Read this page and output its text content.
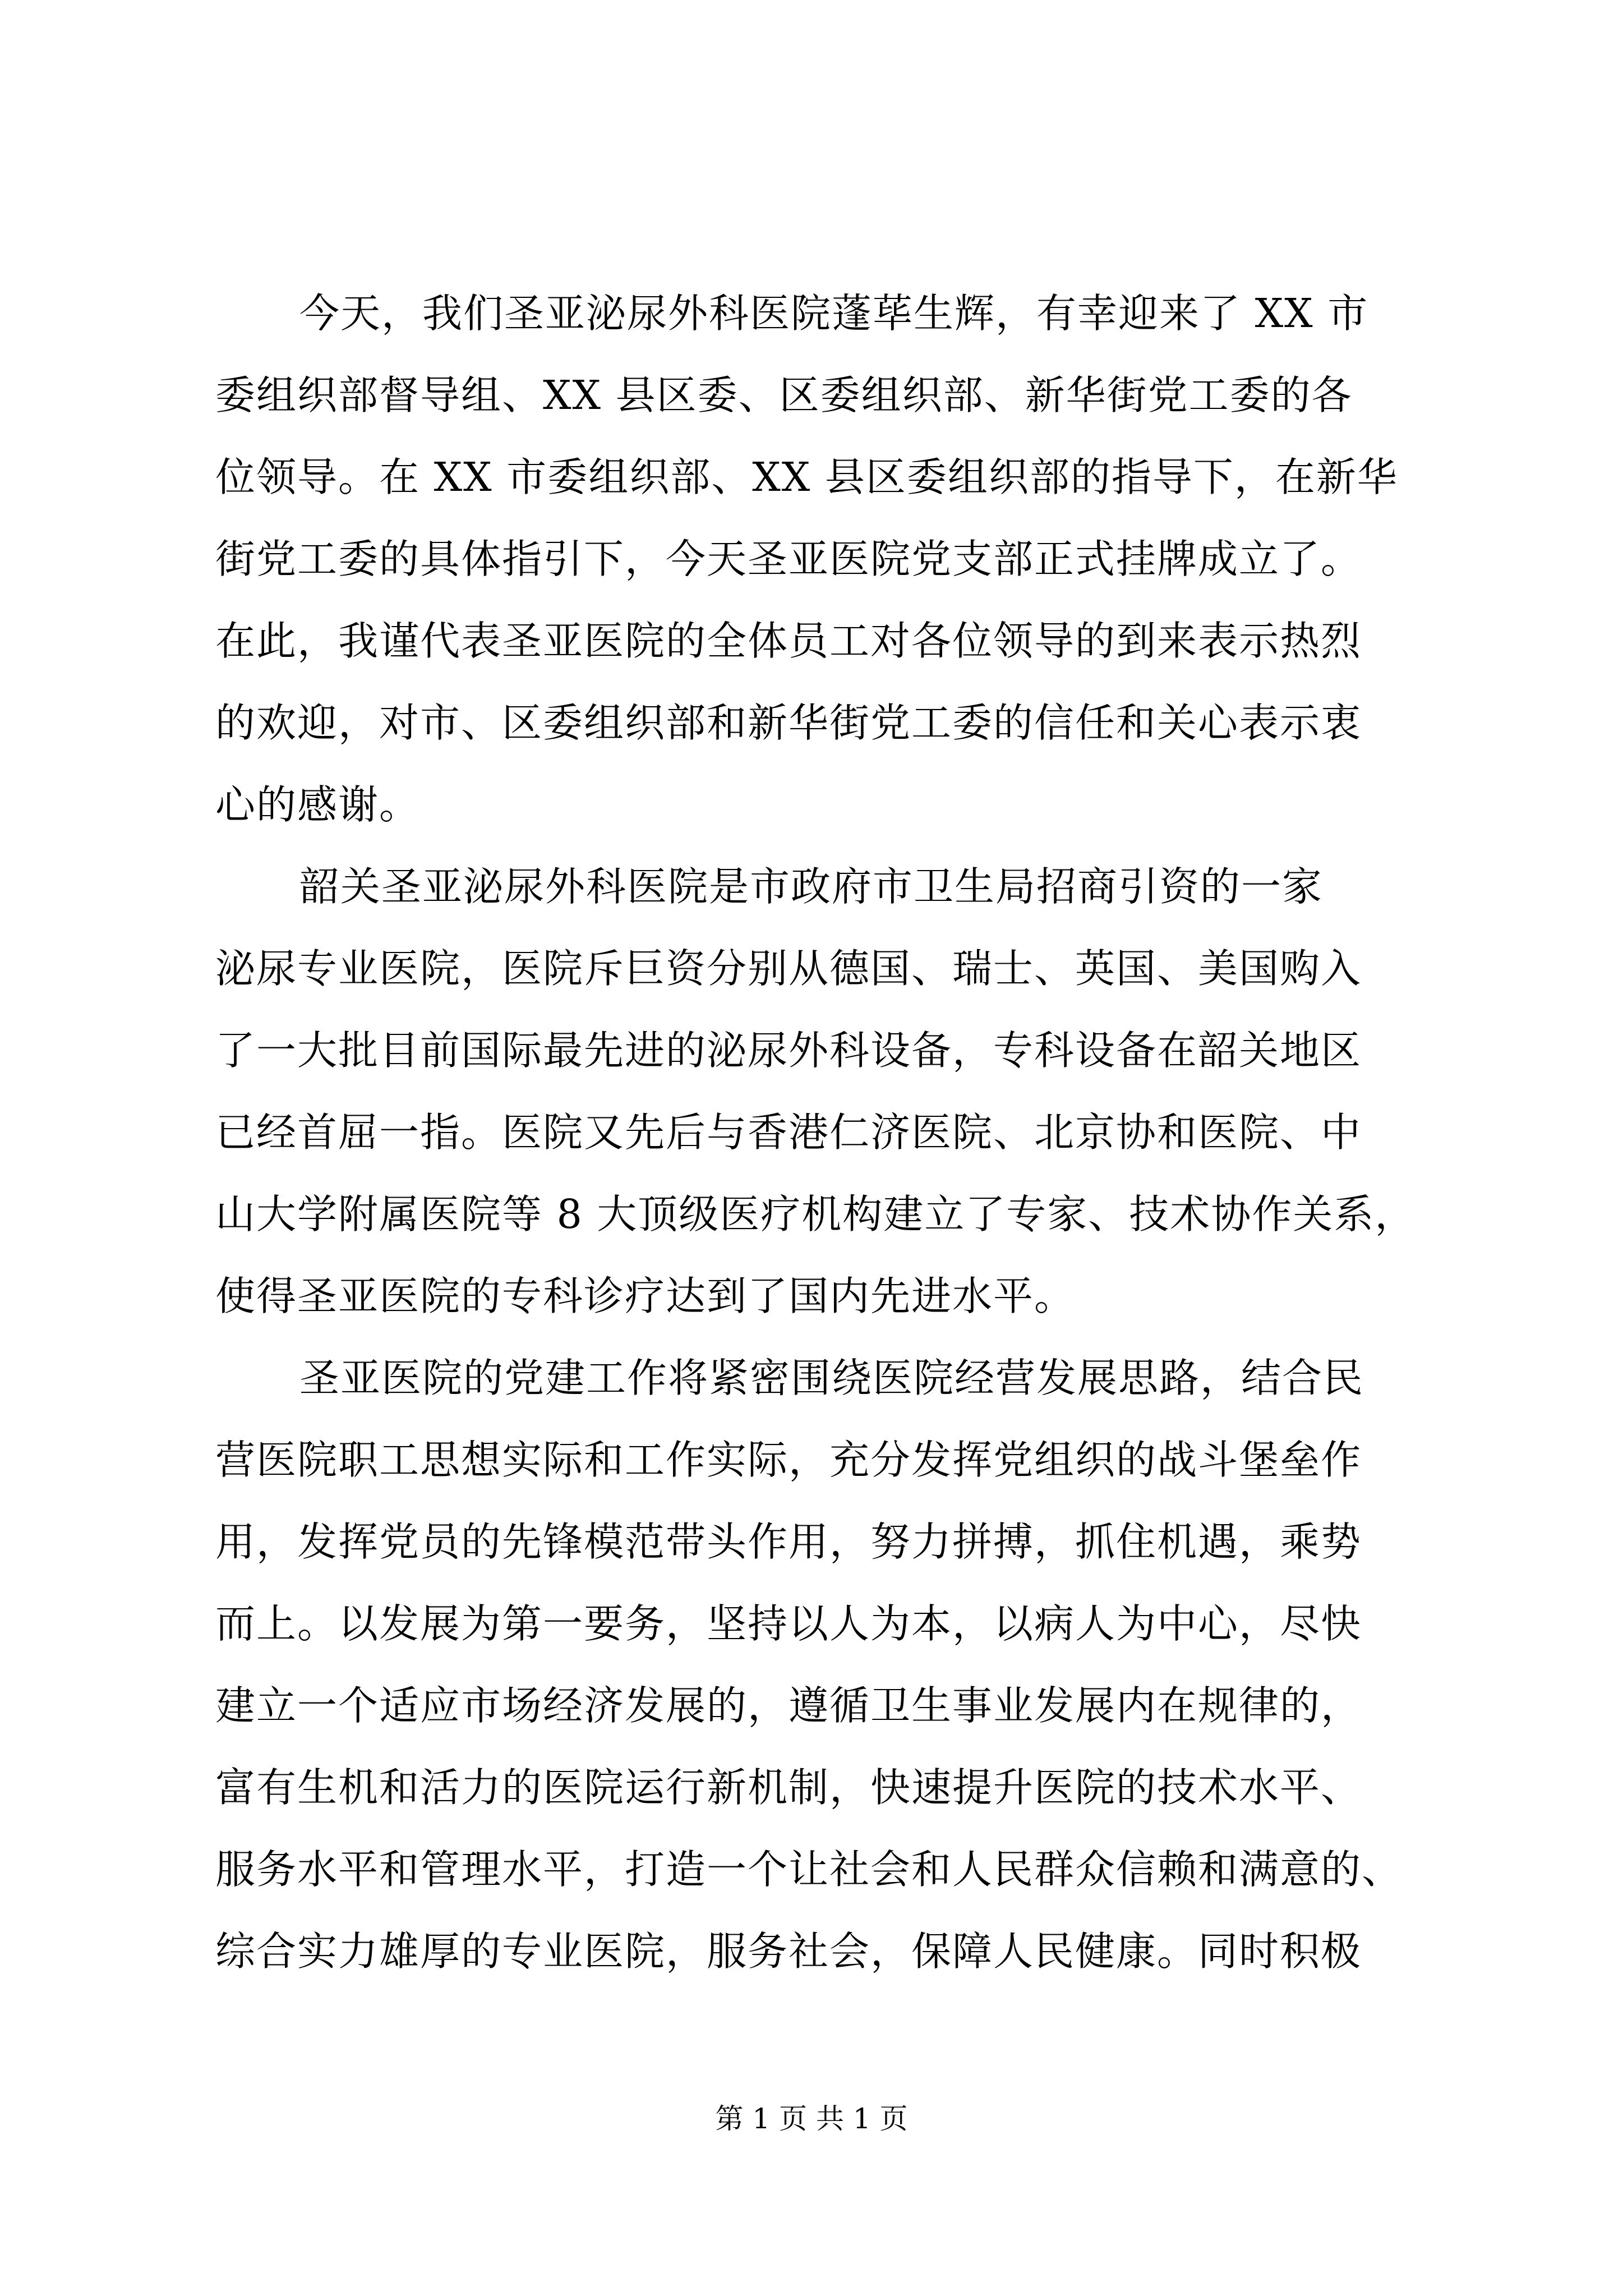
今天，我们圣亚泌尿外科医院蓬荜生辉，有幸迎来了 XX 市
委组织部督导组、XX 县区委、区委组织部、新华街党工委的各
位领导。在 XX 市委组织部、XX 县区委组织部的指导下，在新华
街党工委的具体指引下，今天圣亚医院党支部正式挂牌成立了。
在此，我谨代表圣亚医院的全体员工对各位领导的到来表示热烈
的欢迎，对市、区委组织部和新华街党工委的信任和关心表示衷
心的感谢。
韶关圣亚泌尿外科医院是市政府市卫生局招商引资的一家
泌尿专业医院，医院斥巨资分别从德国、瑞士、英国、美国购入
了一大批目前国际最先进的泌尿外科设备，专科设备在韶关地区
已经首屈一指。医院又先后与香港仁济医院、北京协和医院、中
山大学附属医院等 8 大顶级医疗机构建立了专家、技术协作关系，
使得圣亚医院的专科诊疗达到了国内先进水平。
圣亚医院的党建工作将紧密围绕医院经营发展思路，结合民
营医院职工思想实际和工作实际，充分发挥党组织的战斗堡垒作
用，发挥党员的先锋模范带头作用，努力拼搏，抓住机遇，乘势
而上。以发展为第一要务，坚持以人为本，以病人为中心，尽快
建立一个适应市场经济发展的，遵循卫生事业发展内在规律的，
富有生机和活力的医院运行新机制，快速提升医院的技术水平、
服务水平和管理水平，打造一个让社会和人民群众信赖和满意的、
综合实力雄厚的专业医院，服务社会，保障人民健康。同时积极
第 1 页 共 1 页
